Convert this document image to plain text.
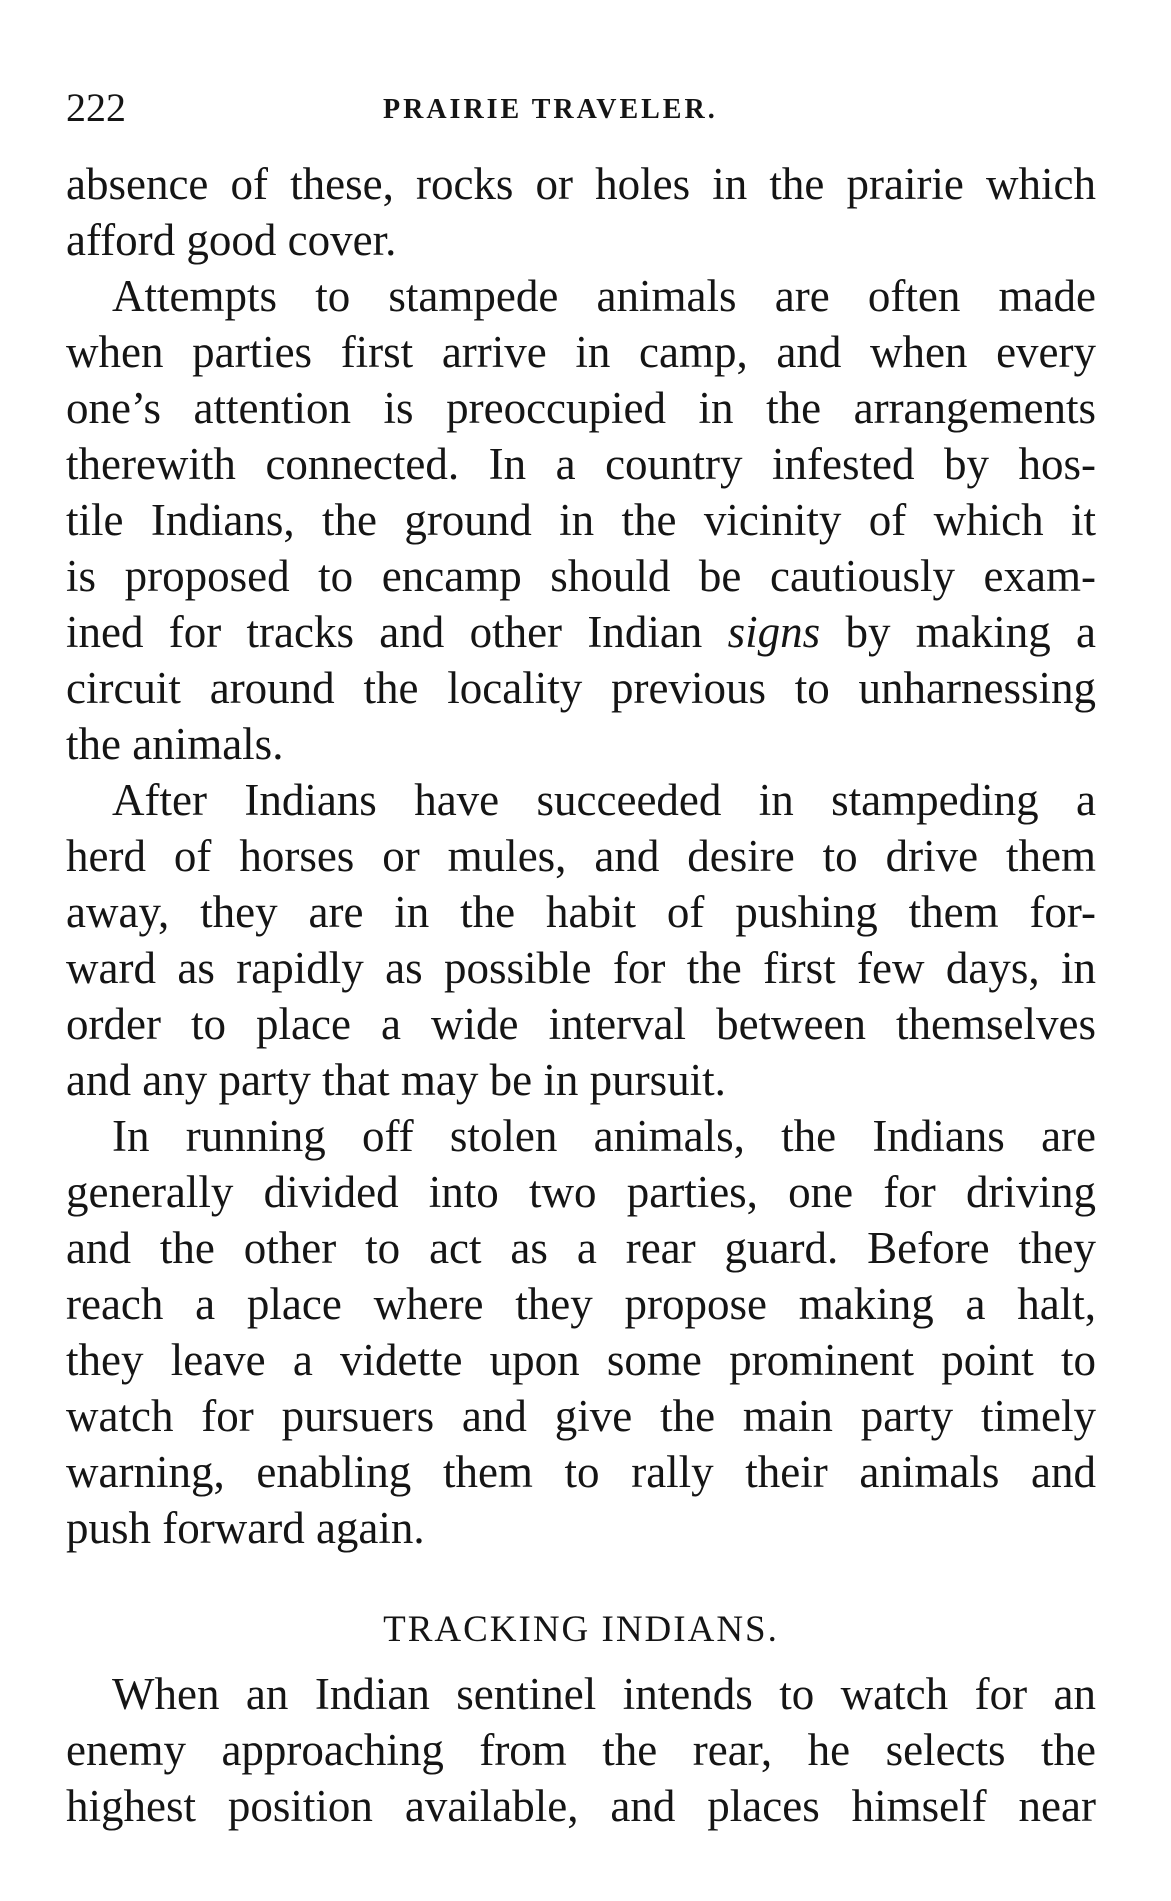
222	PRAIRIE TRAVELER.
absence of these, rocks or holes in the prairie which
afford good cover.
Attempts to stampede animals are often made
when parties first arrive in camp, and when every
one’s attention is preoccupied in the arrangements
therewith connected. In a country infested by hos-
tile Indians, the ground in the vicinity of which it
is proposed to encamp should be cautiously exam-
ined for tracks and other Indian signs by making a
circuit around the locality previous to unharnessing
the animals.
After Indians have succeeded in stampeding a
herd of horses or mules, and desire to drive them
away, they are in the habit of pushing them for-
ward as rapidly as possible for the first few days, in
order to place a wide interval between themselves
and any party that may be in pursuit.
In running off stolen animals, the Indians are
generally divided into two parties, one for driving
and the other to act as a rear guard. Before they
reach a place where they propose making a halt,
they leave a vidette upon some prominent point to
watch for pursuers and give the main party timely
warning, enabling them to rally their animals and
push forward again.
TRACKING INDIANS.
When an Indian sentinel intends to watch for an
enemy approaching from the rear, he selects the
highest position available, and places himself near
